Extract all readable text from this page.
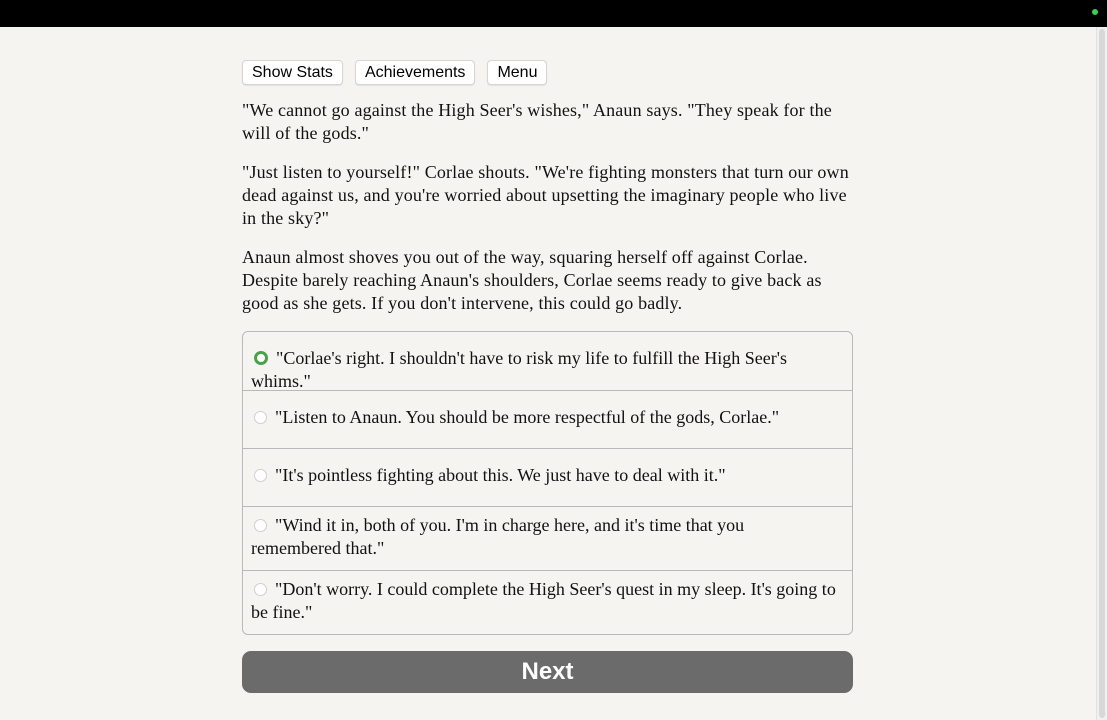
Show Stats	Achievements	Menu

"We cannot go against the High Seer's wishes," Anaun says. "They speak for the will of the gods."

"Just listen to yourself!" Corlae shouts. "We're fighting monsters that turn our own dead against us, and you're worried about upsetting the imaginary people who live in the sky?"

Anaun almost shoves you out of the way, squaring herself off against Corlae. Despite barely reaching Anaun's shoulders, Corlae seems ready to give back as good as she gets. If you don't intervene, this could go badly.

"Corlae's right. I shouldn't have to risk my life to fulfill the High Seer's whims."
"Listen to Anaun. You should be more respectful of the gods, Corlae."
"It's pointless fighting about this. We just have to deal with it."
"Wind it in, both of you. I'm in charge here, and it's time that you remembered that."
"Don't worry. I could complete the High Seer's quest in my sleep. It's going to be fine."
Next
